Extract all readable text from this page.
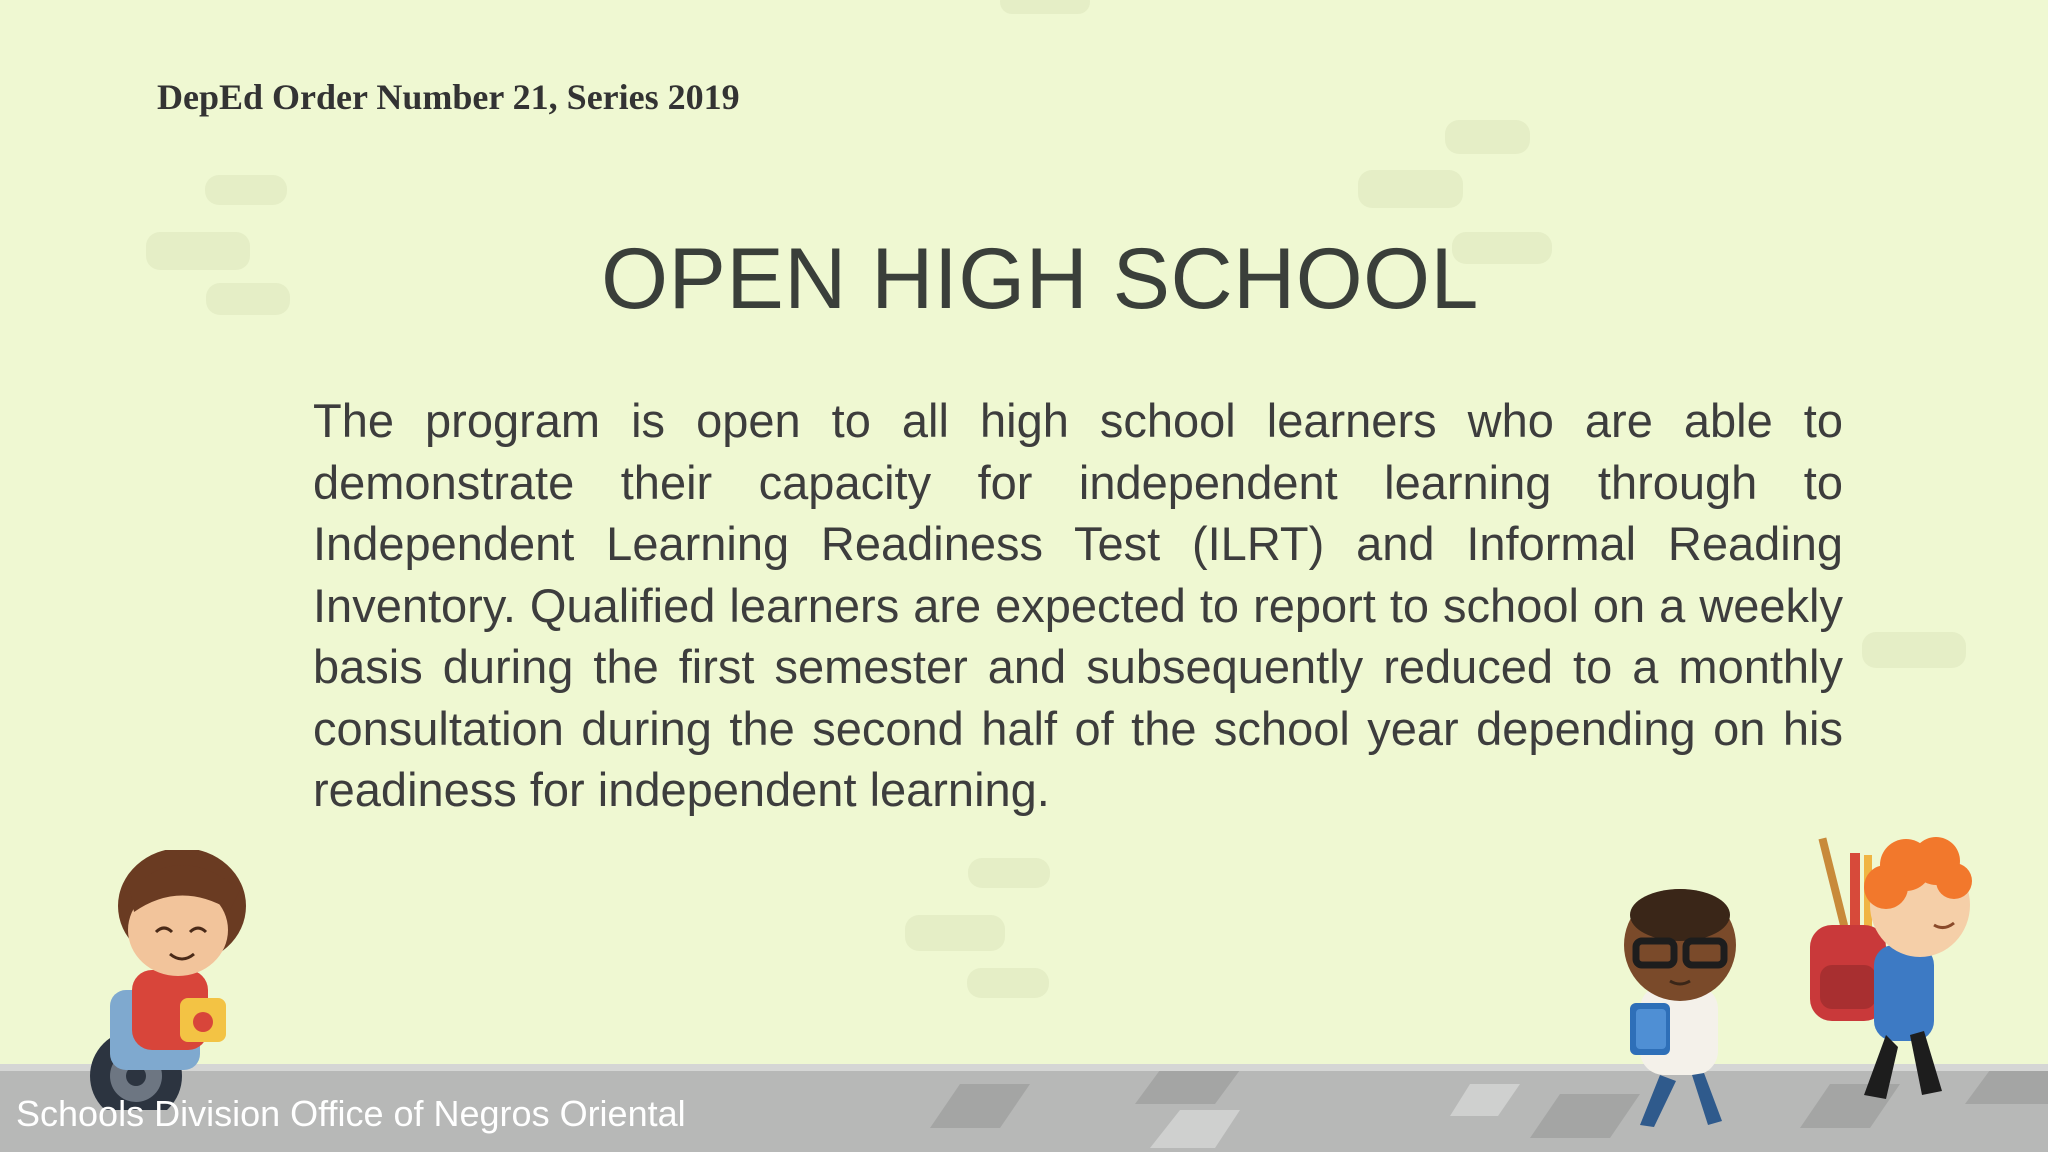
DepEd Order Number 21, Series 2019
OPEN HIGH SCHOOL

The program is open to all high school learners who are able to demonstrate their capacity for independent learning through to Independent Learning Readiness Test (ILRT) and Informal Reading Inventory. Qualified learners are expected to report to school on a weekly basis during the first semester and subsequently reduced to a monthly consultation during the second half of the school year depending on his readiness for independent learning.

Schools Division Office of Negros Oriental
